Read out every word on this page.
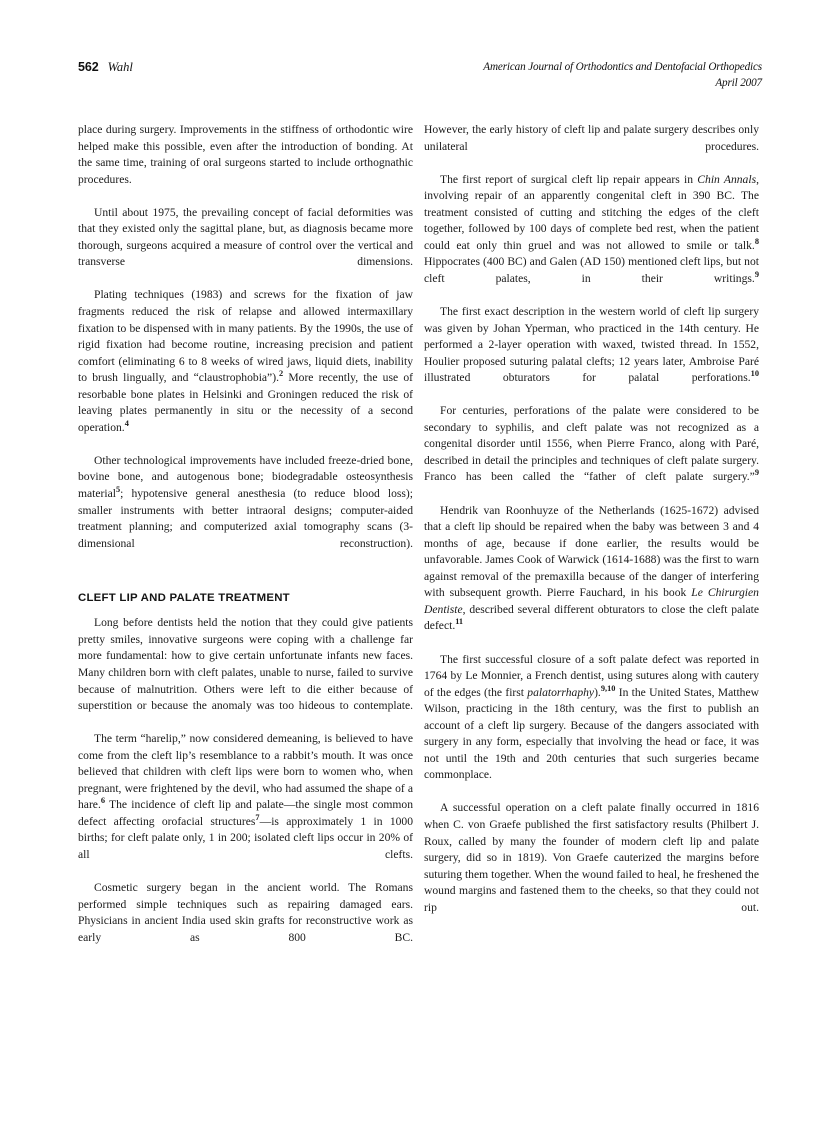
562 Wahl	American Journal of Orthodontics and Dentofacial Orthopedics
April 2007

place during surgery. Improvements in the stiffness of orthodontic wire helped make this possible, even after the introduction of bonding. At the same time, training of oral surgeons started to include orthognathic procedures.

Until about 1975, the prevailing concept of facial deformities was that they existed only the sagittal plane, but, as diagnosis became more thorough, surgeons acquired a measure of control over the vertical and transverse dimensions.

Plating techniques (1983) and screws for the fixation of jaw fragments reduced the risk of relapse and allowed intermaxillary fixation to be dispensed with in many patients. By the 1990s, the use of rigid fixation had become routine, increasing precision and patient comfort (eliminating 6 to 8 weeks of wired jaws, liquid diets, inability to brush lingually, and “claustrophobia”).$^2$ More recently, the use of resorbable bone plates in Helsinki and Groningen reduced the risk of leaving plates permanently in situ or the necessity of a second operation.$^4$

Other technological improvements have included freeze-dried bone, bovine bone, and autogenous bone; biodegradable osteosynthesis material$^5$; hypotensive general anesthesia (to reduce blood loss); smaller instruments with better intraoral designs; computer-aided treatment planning; and computerized axial tomography scans (3-dimensional reconstruction).

CLEFT LIP AND PALATE TREATMENT

Long before dentists held the notion that they could give patients pretty smiles, innovative surgeons were coping with a challenge far more fundamental: how to give certain unfortunate infants new faces. Many children born with cleft palates, unable to nurse, failed to survive because of malnutrition. Others were left to die either because of superstition or because the anomaly was too hideous to contemplate.

The term “harelip,” now considered demeaning, is believed to have come from the cleft lip’s resemblance to a rabbit’s mouth. It was once believed that children with cleft lips were born to women who, when pregnant, were frightened by the devil, who had assumed the shape of a hare.$^6$ The incidence of cleft lip and palate—the single most common defect affecting orofacial structures$^7$—is approximately 1 in 1000 births; for cleft palate only, 1 in 200; isolated cleft lips occur in 20% of all clefts.

Cosmetic surgery began in the ancient world. The Romans performed simple techniques such as repairing damaged ears. Physicians in ancient India used skin grafts for reconstructive work as early as 800 BC.

However, the early history of cleft lip and palate surgery describes only unilateral procedures.

The first report of surgical cleft lip repair appears in Chin Annals, involving repair of an apparently congenital cleft in 390 BC. The treatment consisted of cutting and stitching the edges of the cleft together, followed by 100 days of complete bed rest, when the patient could eat only thin gruel and was not allowed to smile or talk.$^8$ Hippocrates (400 BC) and Galen (AD 150) mentioned cleft lips, but not cleft palates, in their writings.$^9$

The first exact description in the western world of cleft lip surgery was given by Johan Yperman, who practiced in the 14th century. He performed a 2-layer operation with waxed, twisted thread. In 1552, Houlier proposed suturing palatal clefts; 12 years later, Ambroise Paré illustrated obturators for palatal perforations.$^{10}$

For centuries, perforations of the palate were considered to be secondary to syphilis, and cleft palate was not recognized as a congenital disorder until 1556, when Pierre Franco, along with Paré, described in detail the principles and techniques of cleft palate surgery. Franco has been called the “father of cleft palate surgery.”$^9$

Hendrik van Roonhuyze of the Netherlands (1625-1672) advised that a cleft lip should be repaired when the baby was between 3 and 4 months of age, because if done earlier, the results would be unfavorable. James Cook of Warwick (1614-1688) was the first to warn against removal of the premaxilla because of the danger of interfering with subsequent growth. Pierre Fauchard, in his book Le Chirurgien Dentiste, described several different obturators to close the cleft palate defect.$^{11}$

The first successful closure of a soft palate defect was reported in 1764 by Le Monnier, a French dentist, using sutures along with cautery of the edges (the first palatorrhaphy).$^{9,10}$ In the United States, Matthew Wilson, practicing in the 18th century, was the first to publish an account of a cleft lip surgery. Because of the dangers associated with surgery in any form, especially that involving the head or face, it was not until the 19th and 20th centuries that such surgeries became commonplace.

A successful operation on a cleft palate finally occurred in 1816 when C. von Graefe published the first satisfactory results (Philbert J. Roux, called by many the founder of modern cleft lip and palate surgery, did so in 1819). Von Graefe cauterized the margins before suturing them together. When the wound failed to heal, he freshened the wound margins and fastened them to the cheeks, so that they could not rip out.
